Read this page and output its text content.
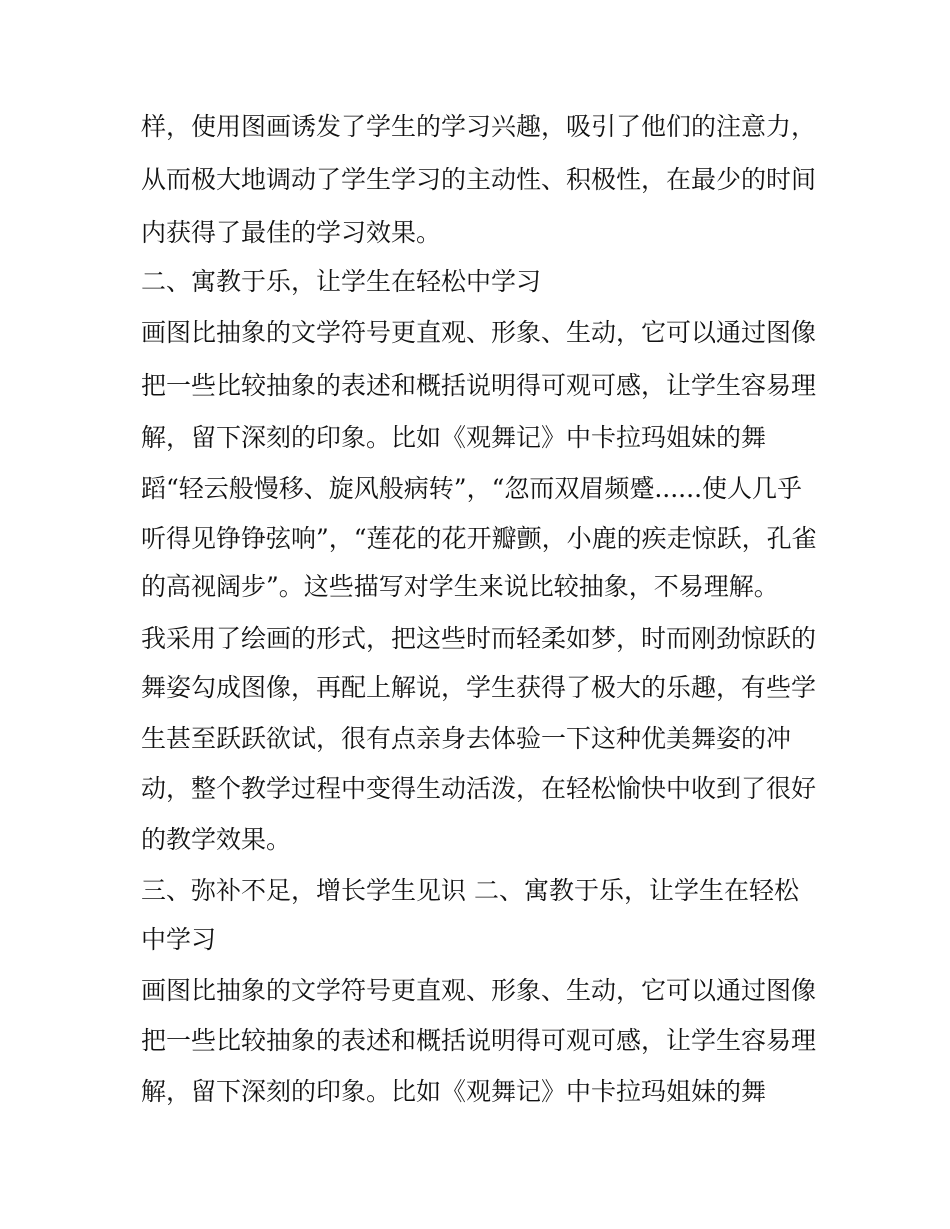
样，使用图画诱发了学生的学习兴趣，吸引了他们的注意力，
从而极大地调动了学生学习的主动性、积极性，在最少的时间
内获得了最佳的学习效果。
二、寓教于乐，让学生在轻松中学习
画图比抽象的文学符号更直观、形象、生动，它可以通过图像
把一些比较抽象的表述和概括说明得可观可感，让学生容易理
解，留下深刻的印象。比如《观舞记》中卡拉玛姐妹的舞
蹈“轻云般慢移、旋风般病转”，“忽而双眉频蹙......使人几乎
听得见铮铮弦响”，“莲花的花开瓣颤，小鹿的疾走惊跃，孔雀
的高视阔步”。这些描写对学生来说比较抽象，不易理解。
我采用了绘画的形式，把这些时而轻柔如梦，时而刚劲惊跃的
舞姿勾成图像，再配上解说，学生获得了极大的乐趣，有些学
生甚至跃跃欲试，很有点亲身去体验一下这种优美舞姿的冲
动，整个教学过程中变得生动活泼，在轻松愉快中收到了很好
的教学效果。
三、弥补不足，增长学生见识 二、寓教于乐，让学生在轻松
中学习
画图比抽象的文学符号更直观、形象、生动，它可以通过图像
把一些比较抽象的表述和概括说明得可观可感，让学生容易理
解，留下深刻的印象。比如《观舞记》中卡拉玛姐妹的舞
